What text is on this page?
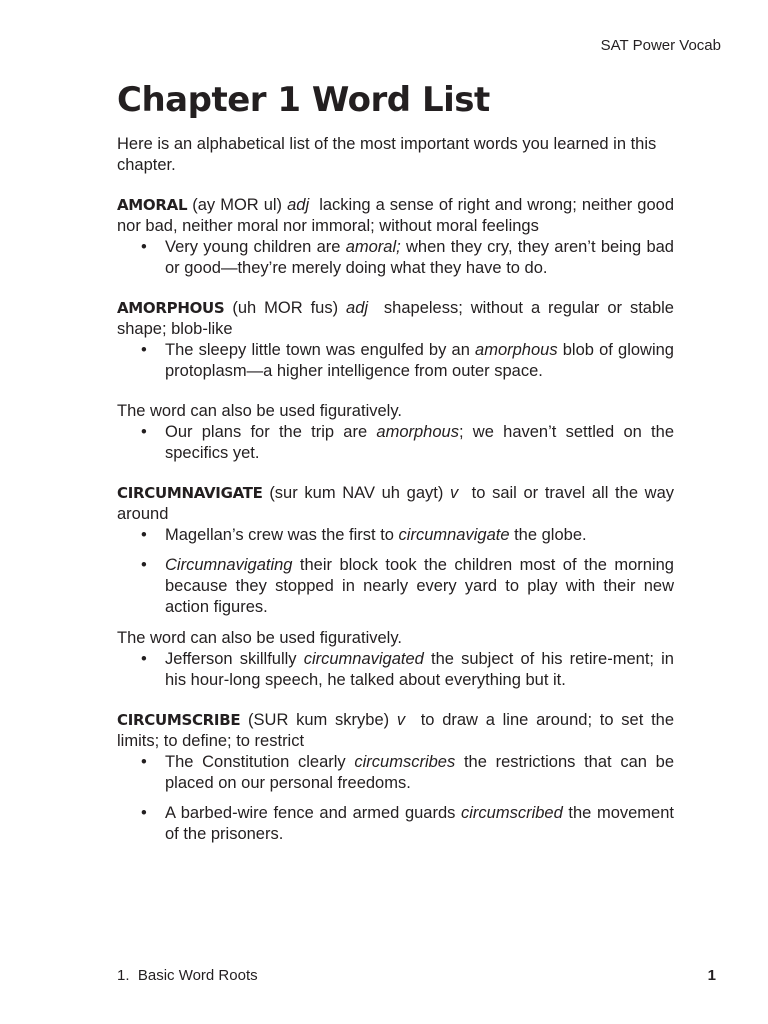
SAT Power Vocab
Chapter 1 Word List

Here is an alphabetical list of the most important words you learned in this chapter.

AMORAL (ay MOR ul) adj lacking a sense of right and wrong; neither good nor bad, neither moral nor immoral; without moral feelings

• Very young children are amoral; when they cry, they aren’t being bad or good—they’re merely doing what they have to do.

AMORPHOUS (uh MOR fus) adj shapeless; without a regular or stable shape; blob-like

• The sleepy little town was engulfed by an amorphous blob of glowing protoplasm—a higher intelligence from outer space.

The word can also be used figuratively.

• Our plans for the trip are amorphous; we haven’t settled on the specifics yet.

CIRCUMNAVIGATE (sur kum NAV uh gayt) v to sail or travel all the way around

• Magellan’s crew was the first to circumnavigate the globe.
• Circumnavigating their block took the children most of the morning because they stopped in nearly every yard to play with their new action figures.

The word can also be used figuratively.

• Jefferson skillfully circumnavigated the subject of his retire-ment; in his hour-long speech, he talked about everything but it.

CIRCUMSCRIBE (SUR kum skrybe) v to draw a line around; to set the limits; to define; to restrict

• The Constitution clearly circumscribes the restrictions that can be placed on our personal freedoms.
• A barbed-wire fence and armed guards circumscribed the movement of the prisoners.
1.  Basic Word Roots	1
